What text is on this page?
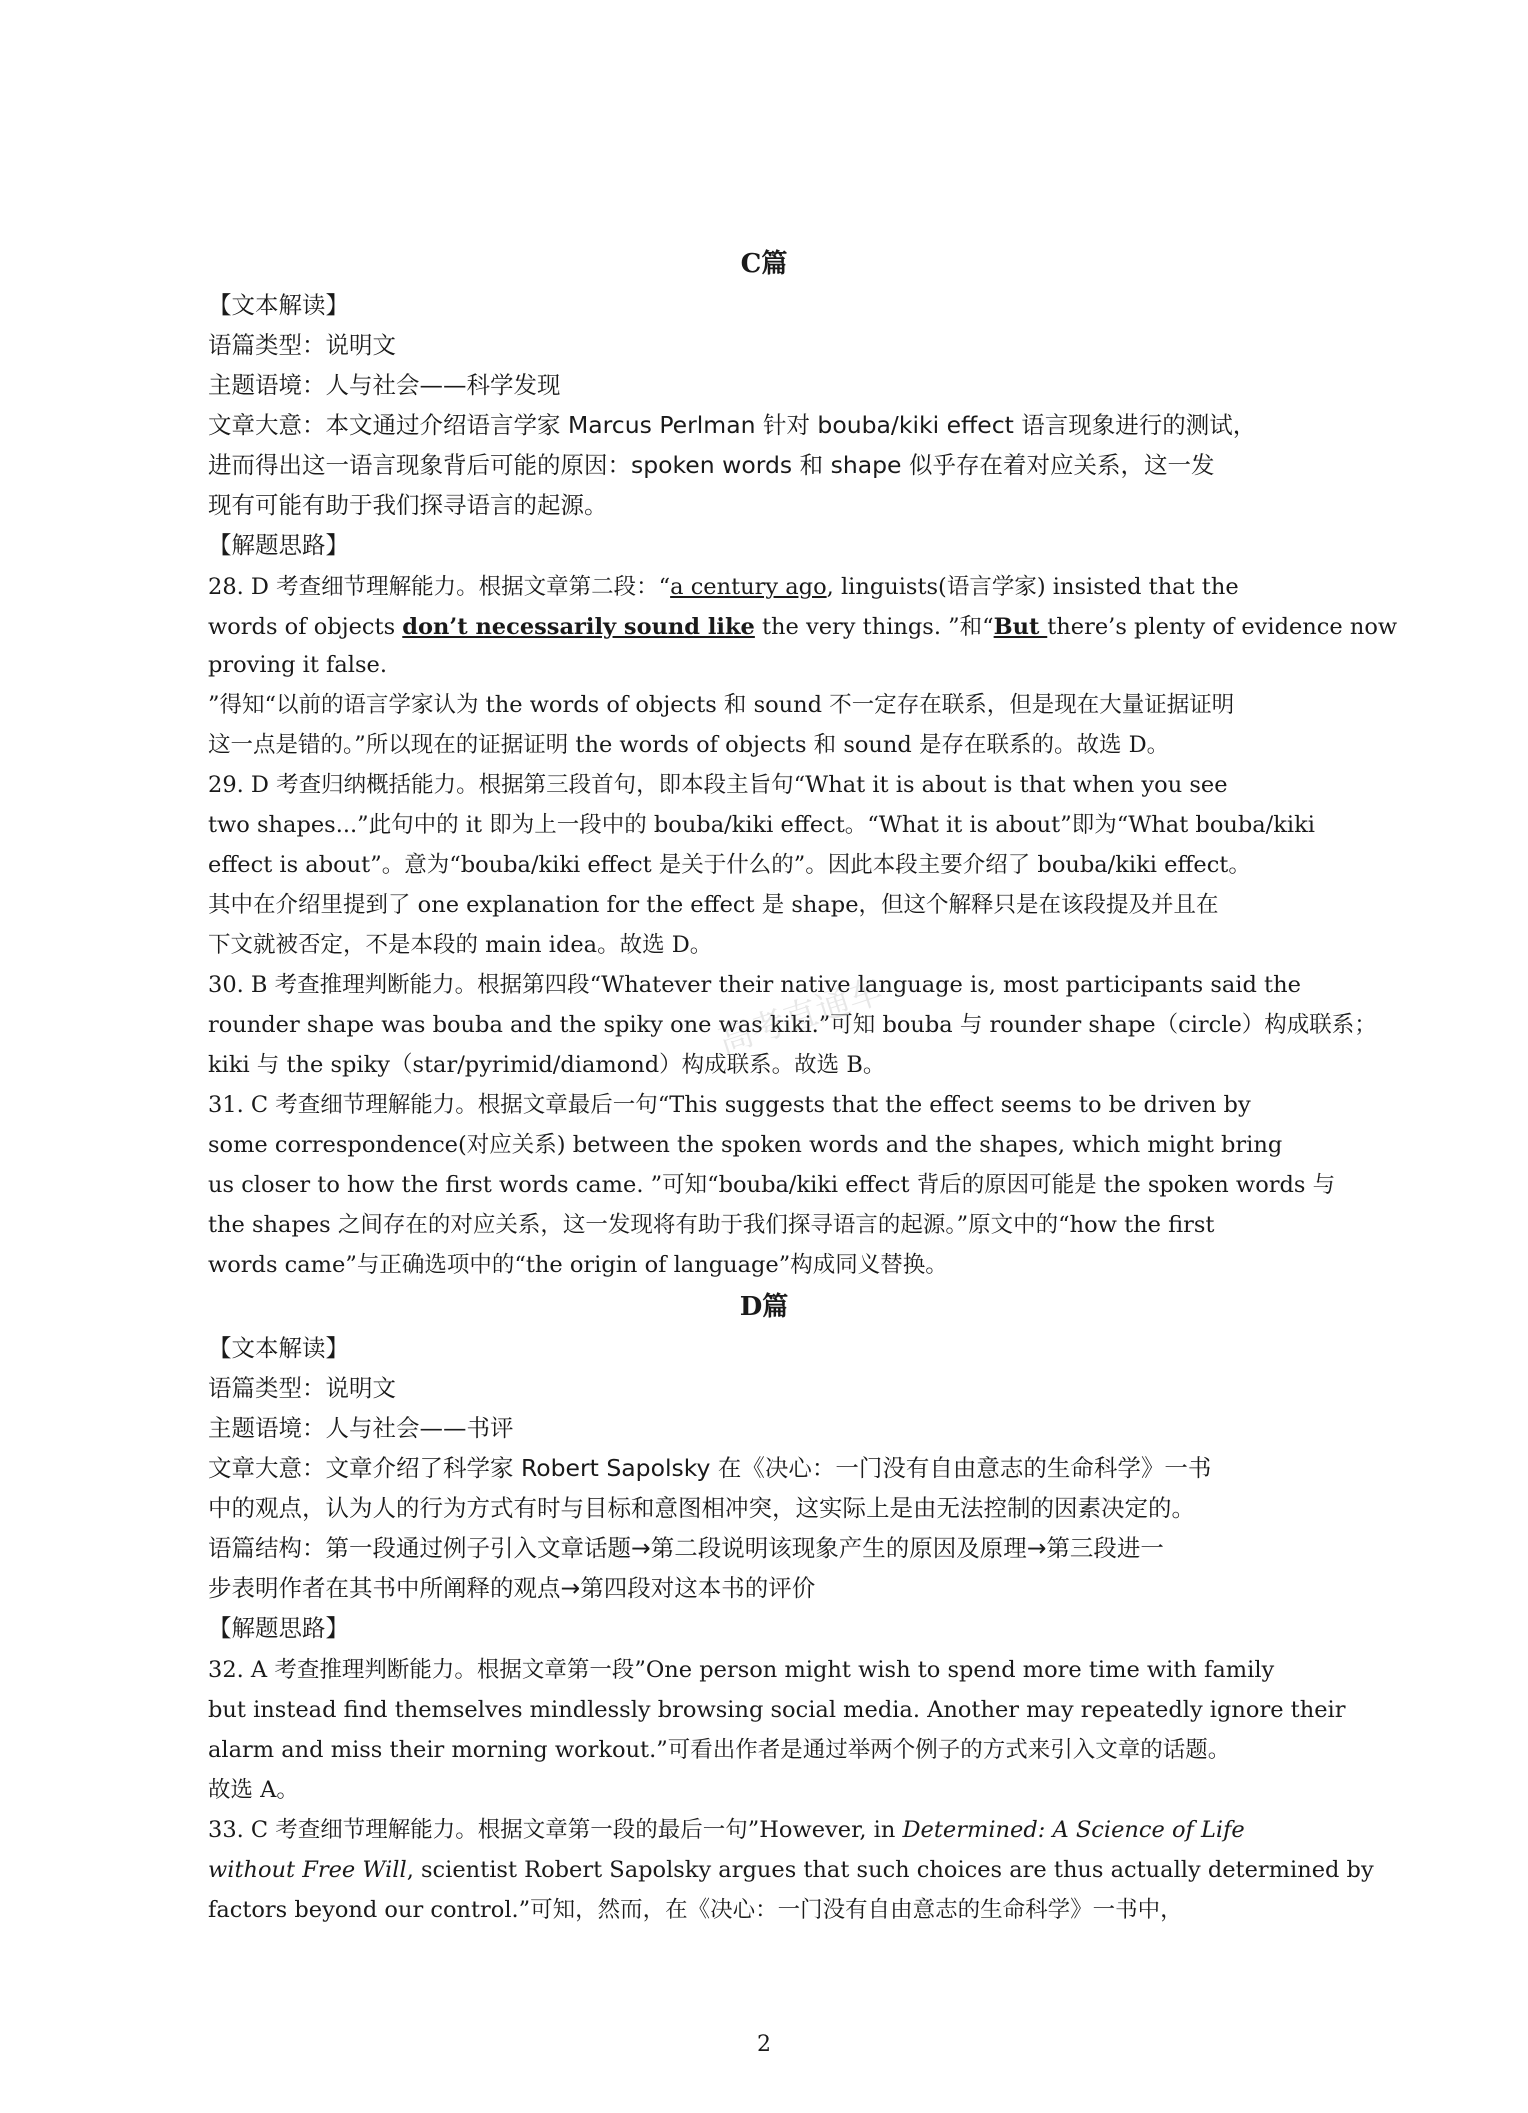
C篇
【文本解读】
语篇类型：说明文
主题语境：人与社会——科学发现
文章大意：本文通过介绍语言学家 Marcus Perlman 针对 bouba/kiki effect 语言现象进行的测试，
进而得出这一语言现象背后可能的原因：spoken words 和 shape 似乎存在着对应关系，这一发
现有可能有助于我们探寻语言的起源。
【解题思路】
28. D 考查细节理解能力。根据文章第二段：“a century ago, linguists(语言学家) insisted that the
words of objects don’t necessarily sound like the very things. ”和“But there’s plenty of evidence now
proving it false.
”得知“以前的语言学家认为 the words of objects 和 sound 不一定存在联系，但是现在大量证据证明
这一点是错的。”所以现在的证据证明 the words of objects 和 sound 是存在联系的。故选 D。
29. D 考查归纳概括能力。根据第三段首句，即本段主旨句“What it is about is that when you see
two shapes...”此句中的 it 即为上一段中的 bouba/kiki effect。“What it is about”即为“What bouba/kiki
effect is about”。意为“bouba/kiki effect 是关于什么的”。因此本段主要介绍了 bouba/kiki effect。
其中在介绍里提到了 one explanation for the effect 是 shape，但这个解释只是在该段提及并且在
下文就被否定，不是本段的 main idea。故选 D。
30. B 考查推理判断能力。根据第四段“Whatever their native language is, most participants said the
rounder shape was bouba and the spiky one was kiki.”可知 bouba 与 rounder shape（circle）构成联系；
kiki 与 the spiky（star/pyrimid/diamond）构成联系。故选 B。
31. C 考查细节理解能力。根据文章最后一句“This suggests that the effect seems to be driven by
some correspondence(对应关系) between the spoken words and the shapes, which might bring
us closer to how the first words came. ”可知“bouba/kiki effect 背后的原因可能是 the spoken words 与
the shapes 之间存在的对应关系，这一发现将有助于我们探寻语言的起源。”原文中的“how the first
words came”与正确选项中的“the origin of language”构成同义替换。
D篇
【文本解读】
语篇类型：说明文
主题语境：人与社会——书评
文章大意：文章介绍了科学家 Robert Sapolsky 在《决心：一门没有自由意志的生命科学》一书
中的观点，认为人的行为方式有时与目标和意图相冲突，这实际上是由无法控制的因素决定的。
语篇结构：第一段通过例子引入文章话题→第二段说明该现象产生的原因及原理→第三段进一
步表明作者在其书中所阐释的观点→第四段对这本书的评价
【解题思路】
32. A 考查推理判断能力。根据文章第一段”One person might wish to spend more time with family
but instead find themselves mindlessly browsing social media. Another may repeatedly ignore their
alarm and miss their morning workout.”可看出作者是通过举两个例子的方式来引入文章的话题。
故选 A。
33. C 考查细节理解能力。根据文章第一段的最后一句”However, in Determined: A Science of Life
without Free Will, scientist Robert Sapolsky argues that such choices are thus actually determined by
factors beyond our control.”可知，然而，在《决心：一门没有自由意志的生命科学》一书中，
2
高考直通车
